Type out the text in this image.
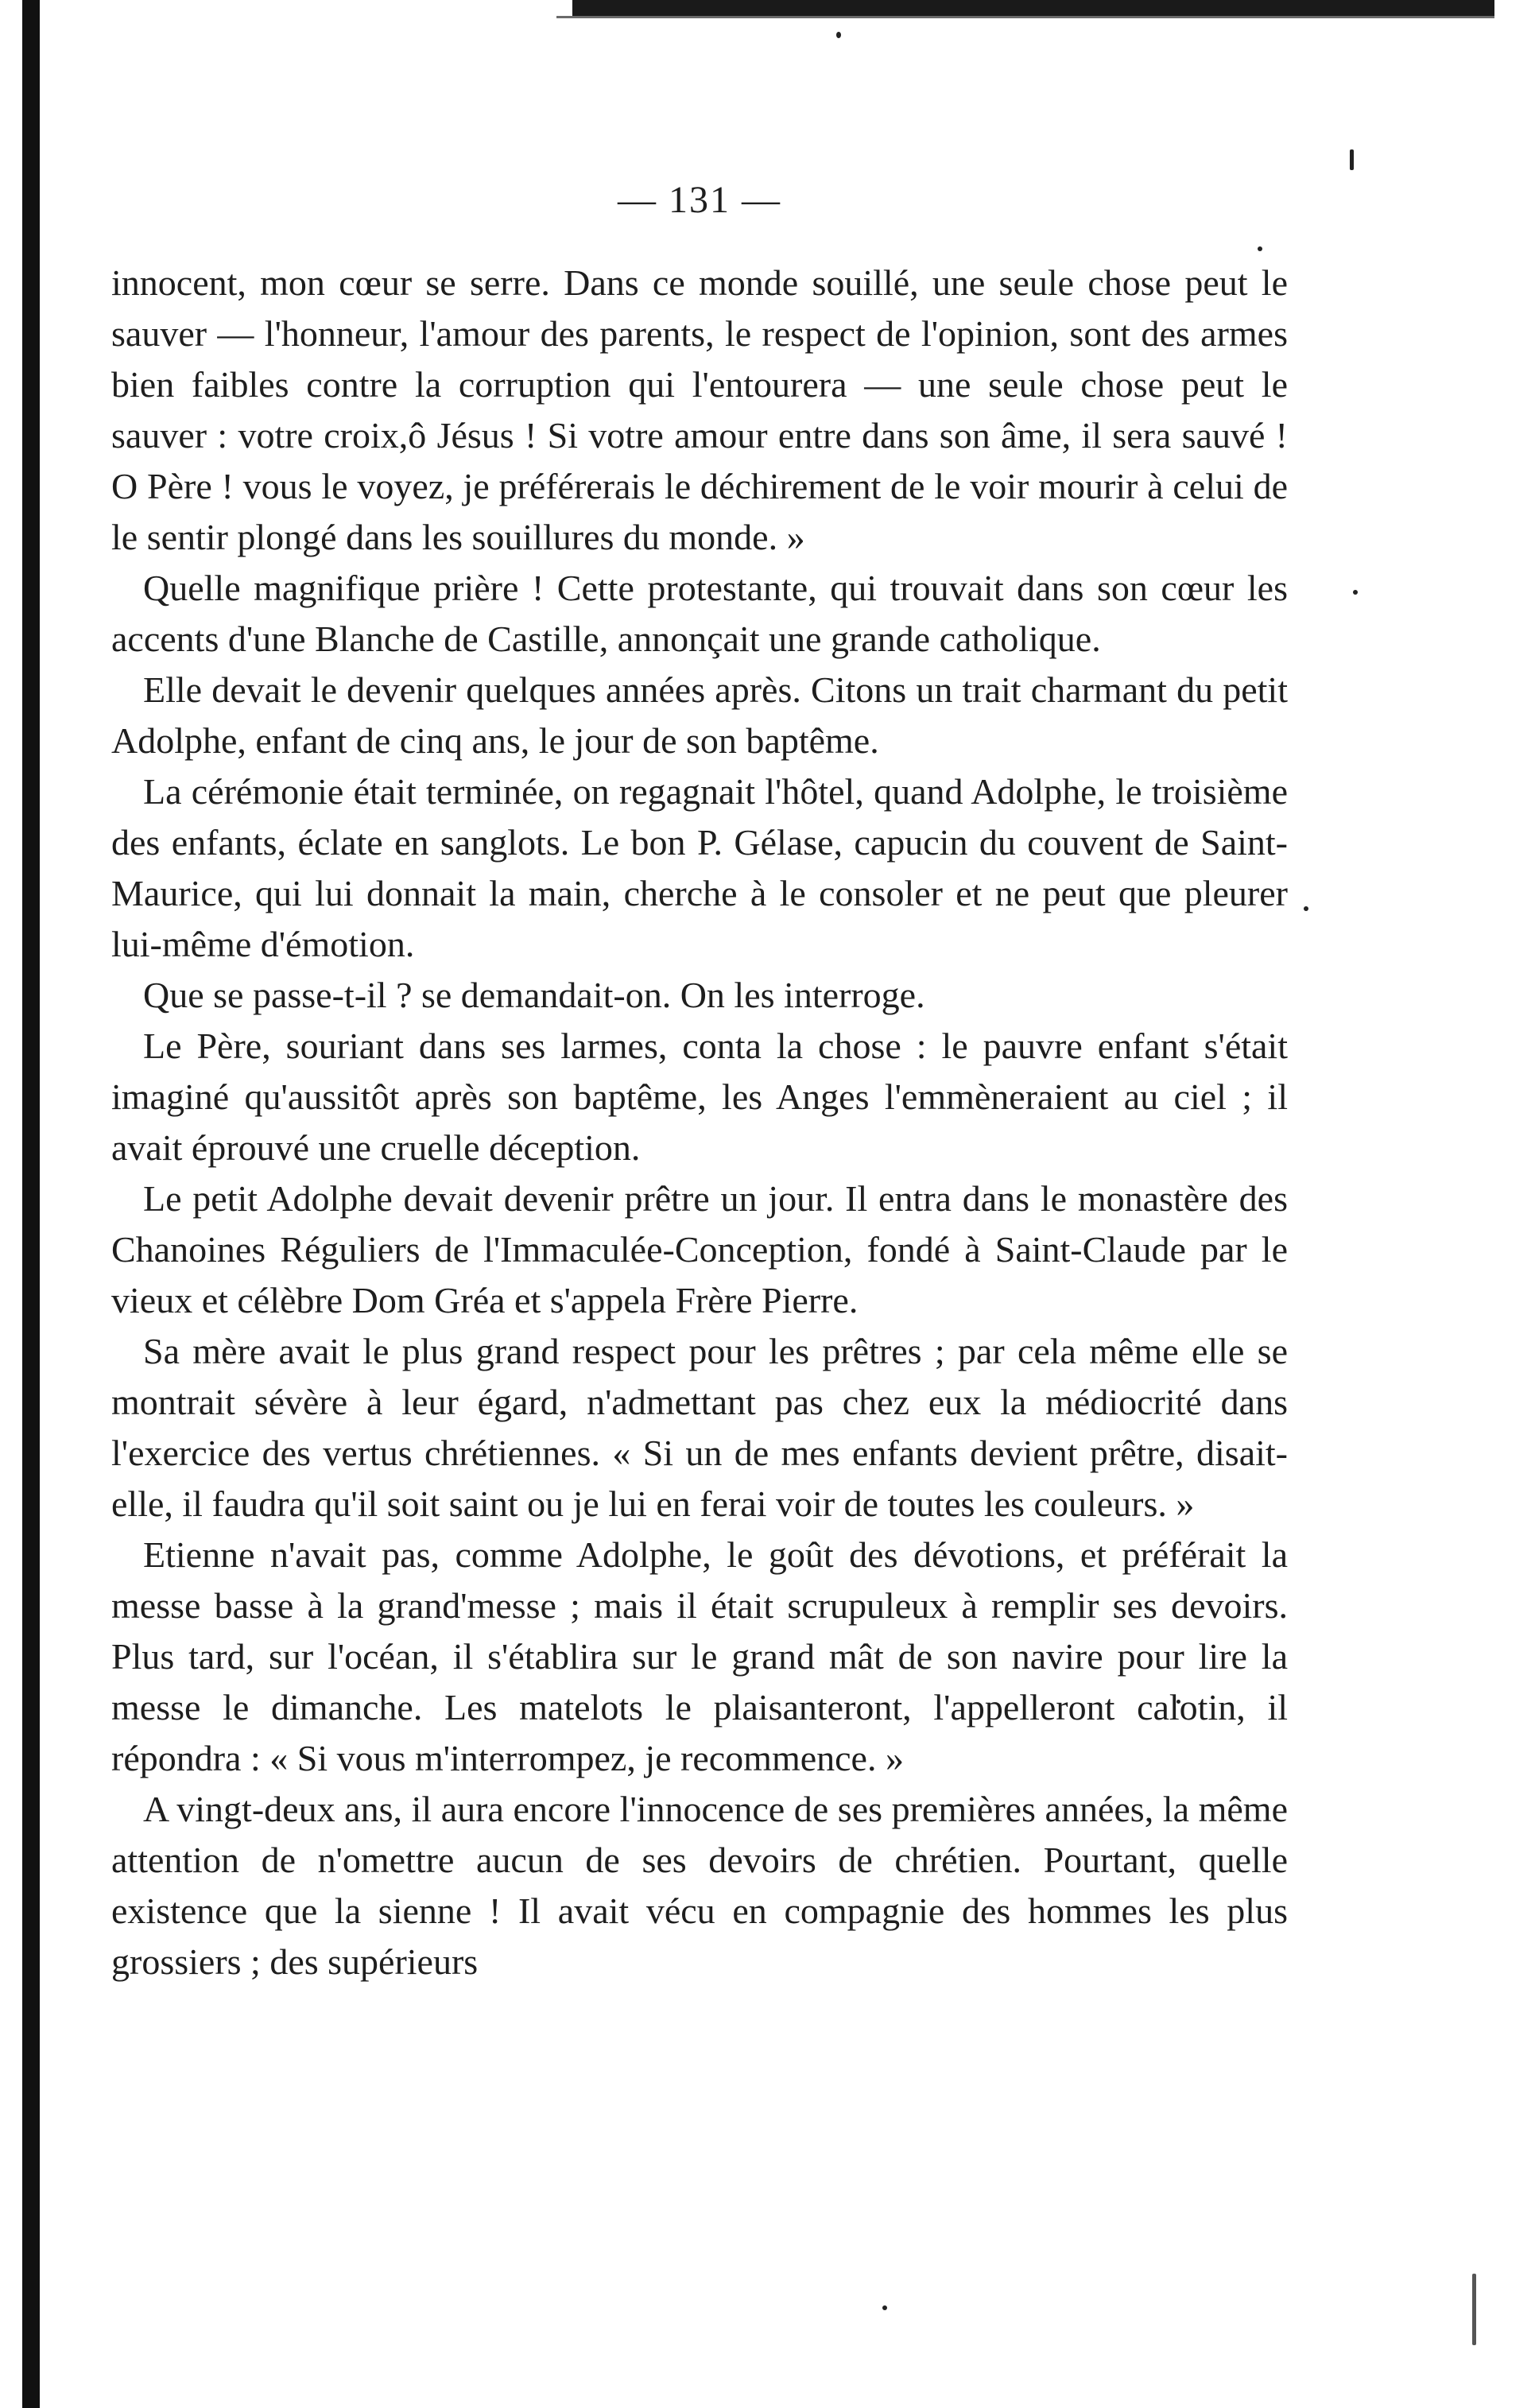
— 131 —

innocent, mon cœur se serre. Dans ce monde souillé, une seule chose peut le sauver — l'honneur, l'amour des parents, le respect de l'opinion, sont des armes bien faibles contre la corruption qui l'entourera — une seule chose peut le sauver : votre croix,ô Jésus ! Si votre amour entre dans son âme, il sera sauvé ! O Père ! vous le voyez, je préférerais le déchirement de le voir mourir à celui de le sentir plongé dans les souillures du monde. »

Quelle magnifique prière ! Cette protestante, qui trouvait dans son cœur les accents d'une Blanche de Castille, annonçait une grande catholique.

Elle devait le devenir quelques années après. Citons un trait charmant du petit Adolphe, enfant de cinq ans, le jour de son baptême.

La cérémonie était terminée, on regagnait l'hôtel, quand Adolphe, le troisième des enfants, éclate en sanglots. Le bon P. Gélase, capucin du couvent de Saint-Maurice, qui lui donnait la main, cherche à le consoler et ne peut que pleurer lui-même d'émotion.

Que se passe-t-il ? se demandait-on. On les interroge.

Le Père, souriant dans ses larmes, conta la chose : le pauvre enfant s'était imaginé qu'aussitôt après son baptême, les Anges l'emmèneraient au ciel ; il avait éprouvé une cruelle déception.

Le petit Adolphe devait devenir prêtre un jour. Il entra dans le monastère des Chanoines Réguliers de l'Immaculée-Conception, fondé à Saint-Claude par le vieux et célèbre Dom Gréa et s'appela Frère Pierre.

Sa mère avait le plus grand respect pour les prêtres ; par cela même elle se montrait sévère à leur égard, n'admettant pas chez eux la médiocrité dans l'exercice des vertus chrétiennes. « Si un de mes enfants devient prêtre, disait-elle, il faudra qu'il soit saint ou je lui en ferai voir de toutes les couleurs. »

Etienne n'avait pas, comme Adolphe, le goût des dévotions, et préférait la messe basse à la grand'messe ; mais il était scrupuleux à remplir ses devoirs. Plus tard, sur l'océan, il s'établira sur le grand mât de son navire pour lire la messe le dimanche. Les matelots le plaisanteront, l'appelleront calotin, il répondra : « Si vous m'interrompez, je recommence. »

A vingt-deux ans, il aura encore l'innocence de ses premières années, la même attention de n'omettre aucun de ses devoirs de chrétien. Pourtant, quelle existence que la sienne ! Il avait vécu en compagnie des hommes les plus grossiers ; des supérieurs
